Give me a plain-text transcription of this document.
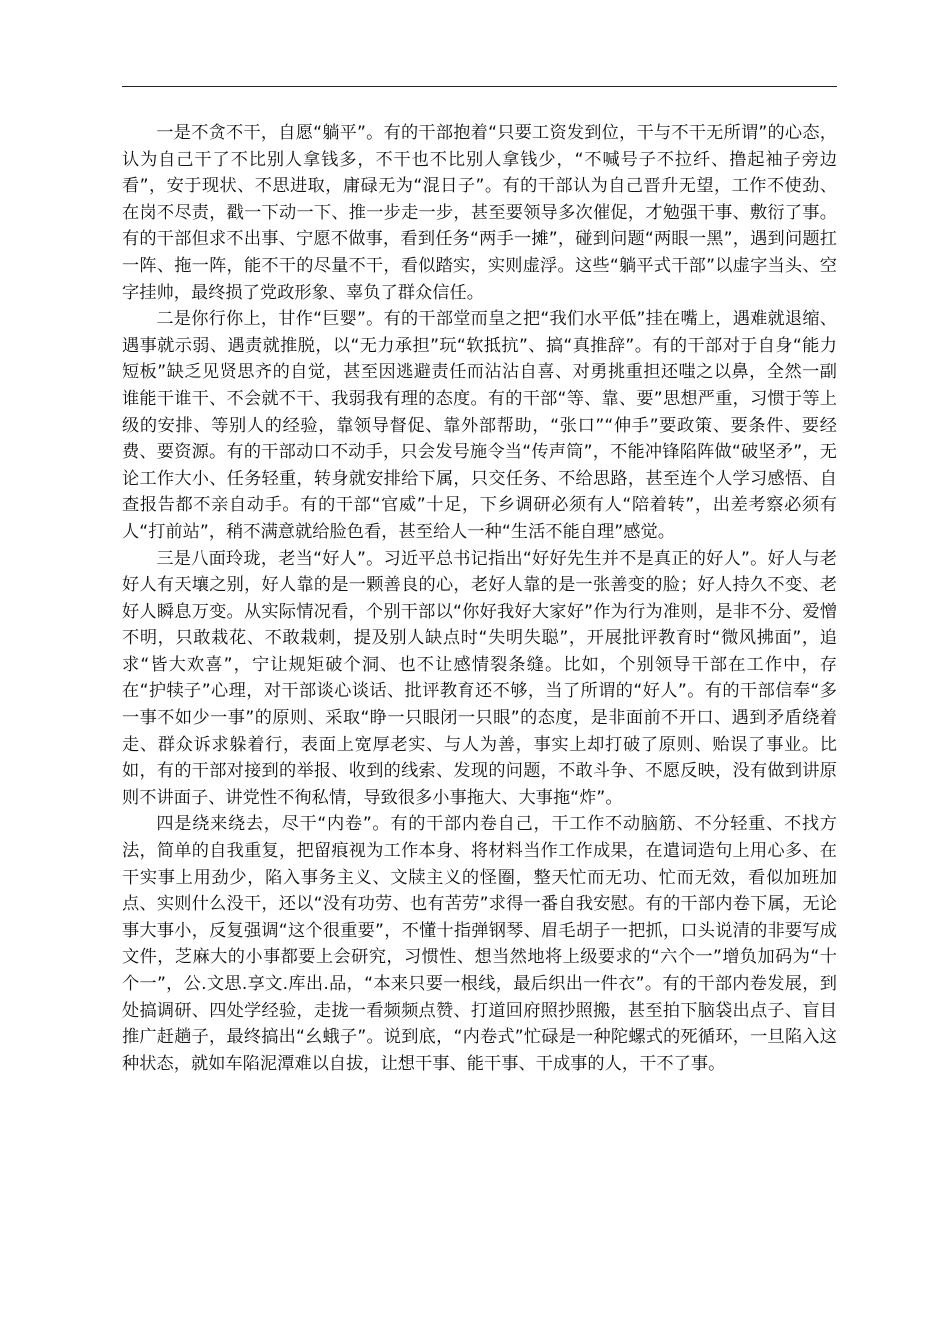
一是不贪不干，自愿“躺平”。有的干部抱着“只要工资发到位，干与不干无所谓”的心态，认为自己干了不比别人拿钱多，不干也不比别人拿钱少，“不喊号子不拉纤、撸起袖子旁边看”，安于现状、不思进取，庸碌无为“混日子”。有的干部认为自己晋升无望，工作不使劲、在岗不尽责，戳一下动一下、推一步走一步，甚至要领导多次催促，才勉强干事、敷衍了事。有的干部但求不出事、宁愿不做事，看到任务“两手一摊”，碰到问题“两眼一黑”，遇到问题扛一阵、拖一阵，能不干的尽量不干，看似踏实，实则虚浮。这些“躺平式干部”以虚字当头、空字挂帅，最终损了党政形象、辜负了群众信任。

二是你行你上，甘作“巨婴”。有的干部堂而皇之把“我们水平低”挂在嘴上，遇难就退缩、遇事就示弱、遇责就推脱，以“无力承担”玩“软抵抗”、搞“真推辞”。有的干部对于自身“能力短板”缺乏见贤思齐的自觉，甚至因逃避责任而沾沾自喜、对勇挑重担还嗤之以鼻，全然一副谁能干谁干、不会就不干、我弱我有理的态度。有的干部“等、靠、要”思想严重，习惯于等上级的安排、等别人的经验，靠领导督促、靠外部帮助，“张口”“伸手”要政策、要条件、要经费、要资源。有的干部动口不动手，只会发号施令当“传声筒”，不能冲锋陷阵做“破坚矛”，无论工作大小、任务轻重，转身就安排给下属，只交任务、不给思路，甚至连个人学习感悟、自查报告都不亲自动手。有的干部“官威”十足，下乡调研必须有人“陪着转”，出差考察必须有人“打前站”，稍不满意就给脸色看，甚至给人一种“生活不能自理”感觉。

三是八面玲珑，老当“好人”。习近平总书记指出“好好先生并不是真正的好人”。好人与老好人有天壤之别，好人靠的是一颗善良的心，老好人靠的是一张善变的脸；好人持久不变、老好人瞬息万变。从实际情况看，个别干部以“你好我好大家好”作为行为准则，是非不分、爱憎不明，只敢栽花、不敢栽刺，提及别人缺点时“失明失聪”，开展批评教育时“微风拂面”，追求“皆大欢喜”，宁让规矩破个洞、也不让感情裂条缝。比如，个别领导干部在工作中，存在“护犊子”心理，对干部谈心谈话、批评教育还不够，当了所谓的“好人”。有的干部信奉“多一事不如少一事”的原则、采取“睁一只眼闭一只眼”的态度，是非面前不开口、遇到矛盾绕着走、群众诉求躲着行，表面上宽厚老实、与人为善，事实上却打破了原则、贻误了事业。比如，有的干部对接到的举报、收到的线索、发现的问题，不敢斗争、不愿反映，没有做到讲原则不讲面子、讲党性不徇私情，导致很多小事拖大、大事拖“炸”。

四是绕来绕去，尽干“内卷”。有的干部内卷自己，干工作不动脑筋、不分轻重、不找方法，简单的自我重复，把留痕视为工作本身、将材料当作工作成果，在遣词造句上用心多、在干实事上用劲少，陷入事务主义、文牍主义的怪圈，整天忙而无功、忙而无效，看似加班加点、实则什么没干，还以“没有功劳、也有苦劳”求得一番自我安慰。有的干部内卷下属，无论事大事小，反复强调“这个很重要”，不懂十指弹钢琴、眉毛胡子一把抓，口头说清的非要写成文件，芝麻大的小事都要上会研究，习惯性、想当然地将上级要求的“六个一”增负加码为“十个一”，公.文思.享文.库出.品，“本来只要一根线，最后织出一件衣”。有的干部内卷发展，到处搞调研、四处学经验，走拢一看频频点赞、打道回府照抄照搬，甚至拍下脑袋出点子、盲目推广赶趟子，最终搞出“幺蛾子”。说到底，“内卷式”忙碌是一种陀螺式的死循环，一旦陷入这种状态，就如车陷泥潭难以自拔，让想干事、能干事、干成事的人，干不了事。
